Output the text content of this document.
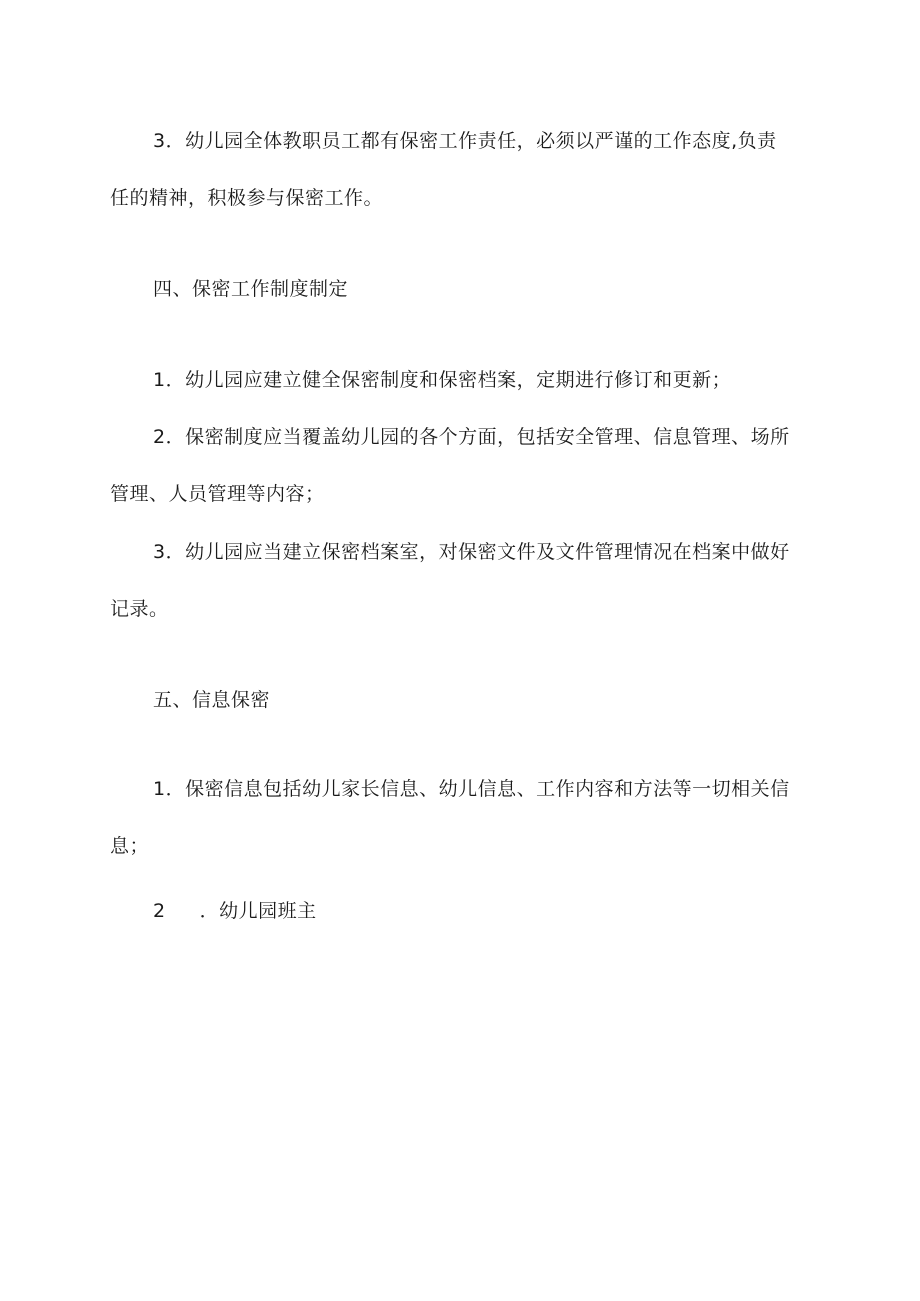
3．幼儿园全体教职员工都有保密工作责任，必须以严谨的工作态度,负责
任的精神，积极参与保密工作。
四、保密工作制度制定
1．幼儿园应建立健全保密制度和保密档案，定期进行修订和更新；
2．保密制度应当覆盖幼儿园的各个方面，包括安全管理、信息管理、场所
管理、人员管理等内容；
3．幼儿园应当建立保密档案室，对保密文件及文件管理情况在档案中做好
记录。
五、信息保密
1．保密信息包括幼儿家长信息、幼儿信息、工作内容和方法等一切相关信
息；
2 ．幼儿园班主
